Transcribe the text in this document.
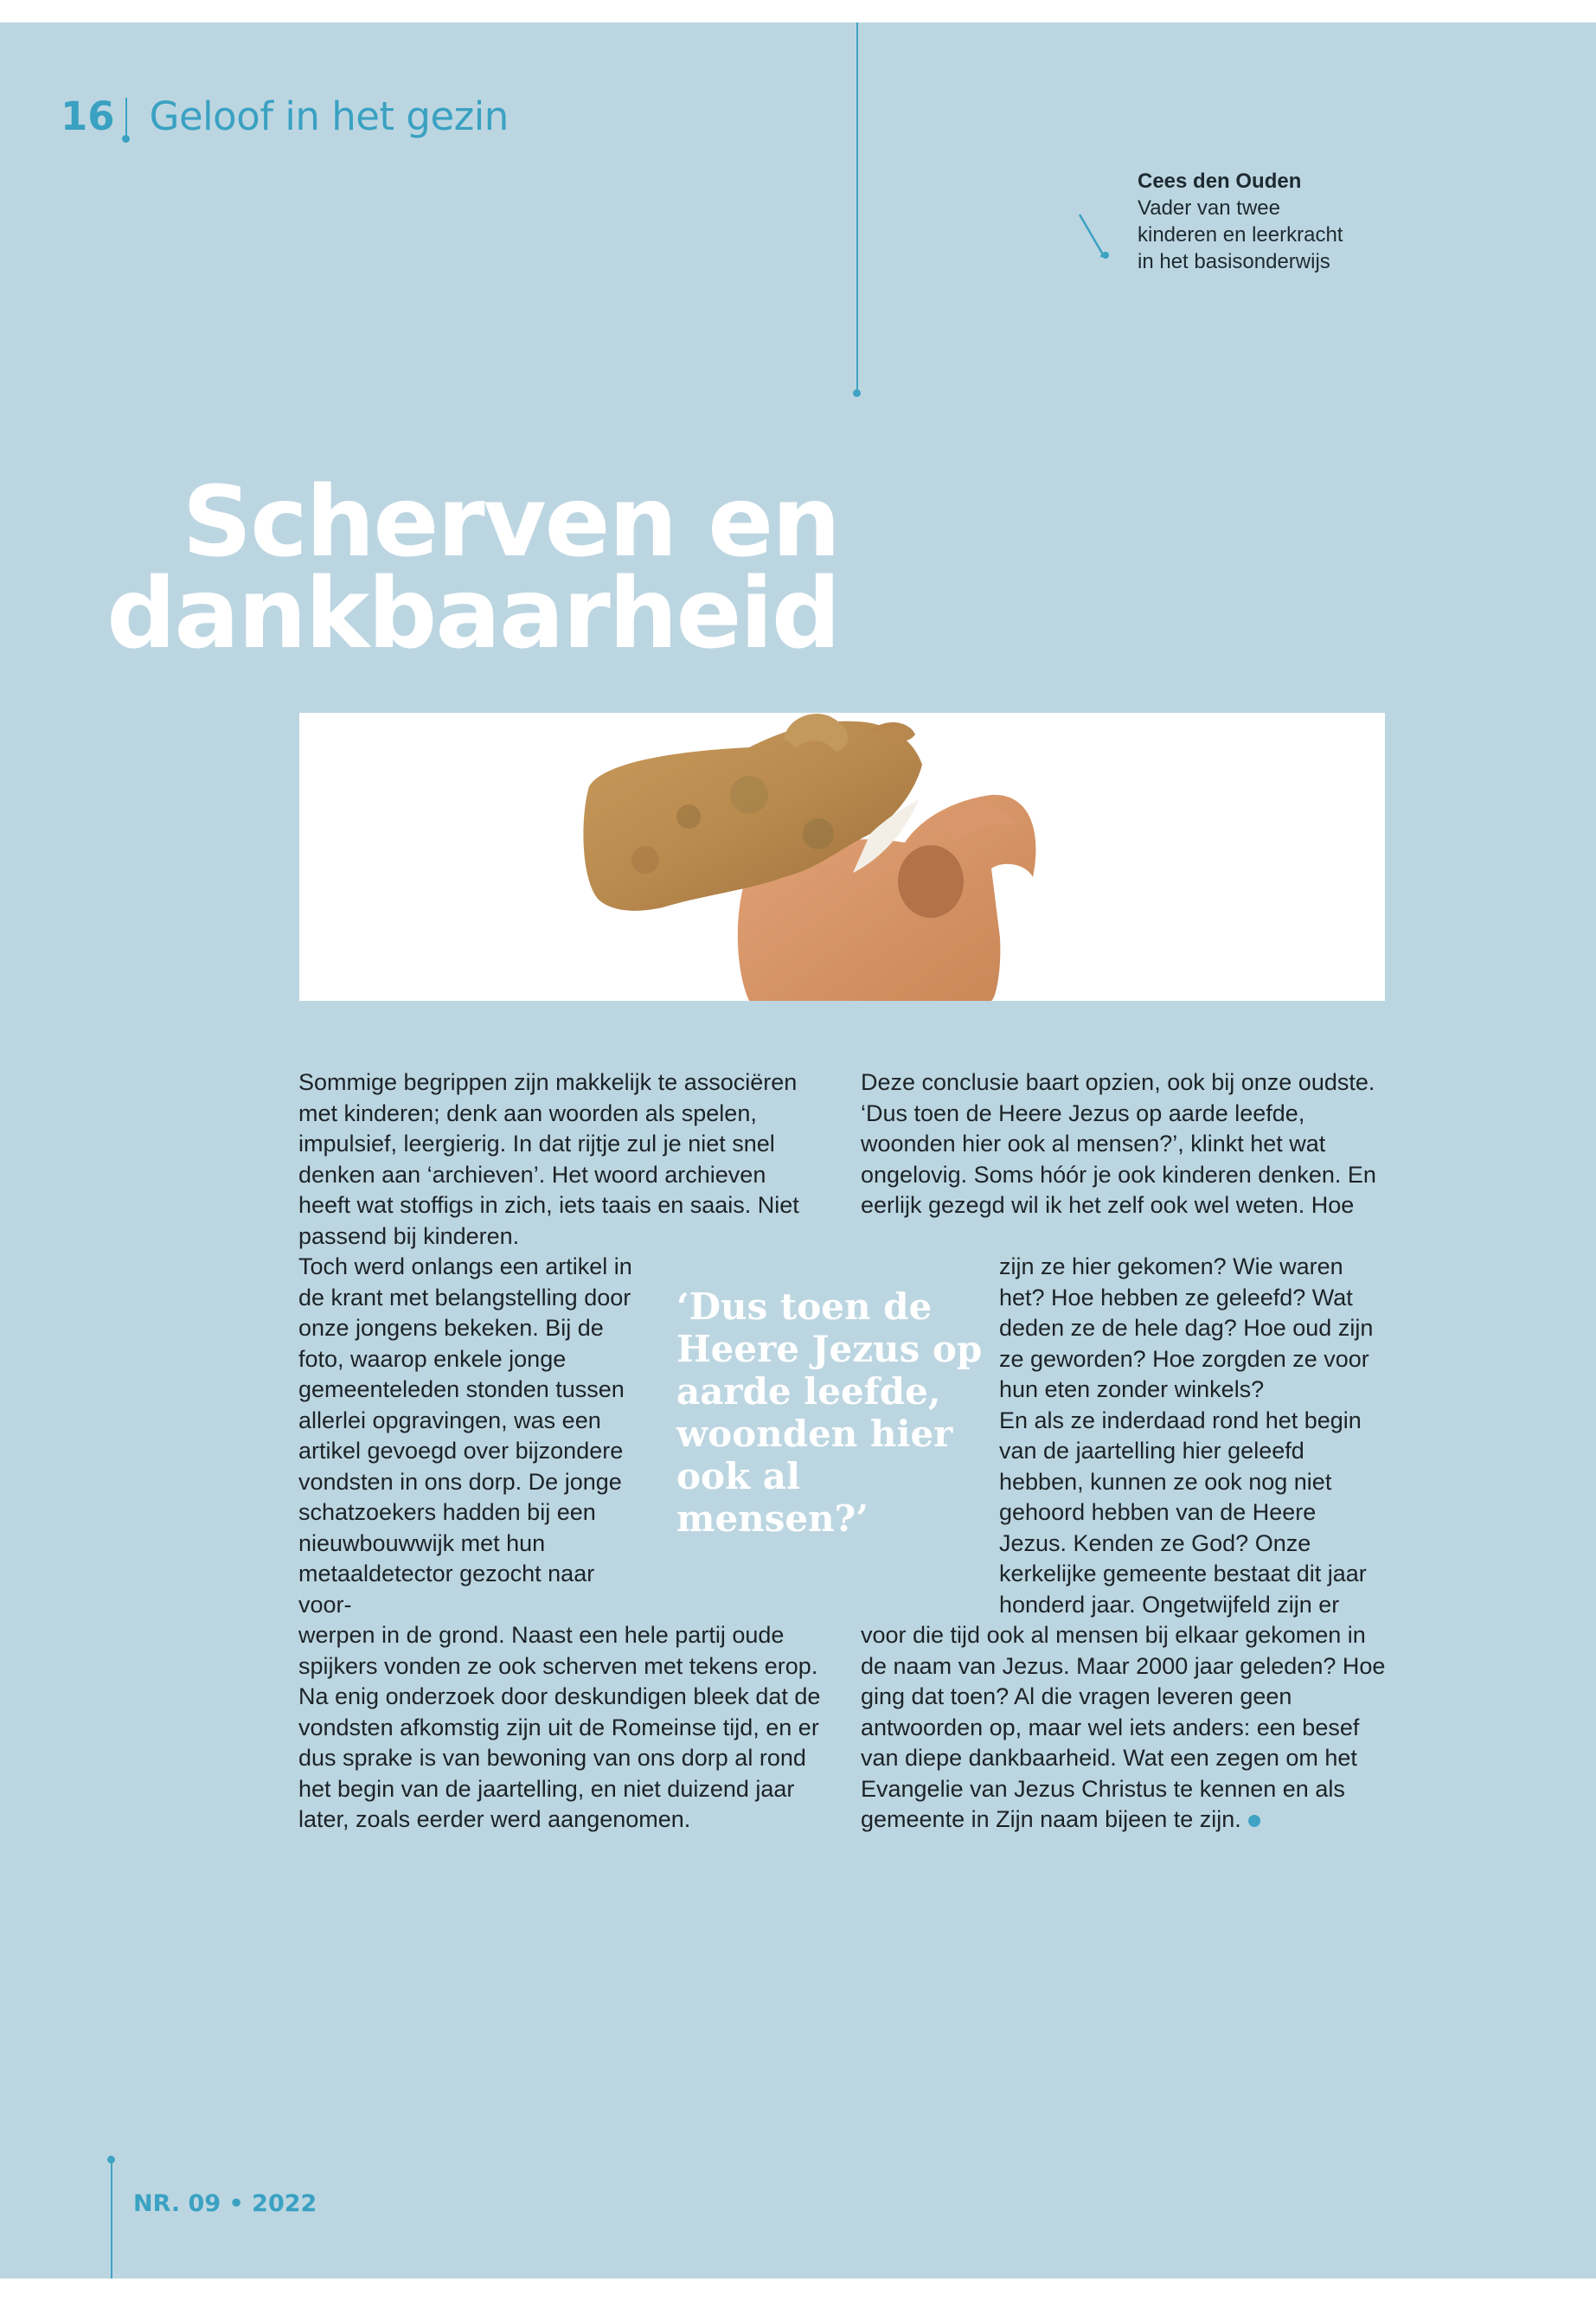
16 Geloof in het gezin
Cees den Ouden
Vader van twee
kinderen en leerkracht
in het basisonderwijs
Scherven en
dankbaarheid

Sommige begrippen zijn makkelijk te associëren met kinderen; denk aan woorden als spelen, impulsief, leergierig. In dat rijtje zul je niet snel denken aan ‘archieven’. Het woord archieven heeft wat stoffigs in zich, iets taais en saais. Niet passend bij kinderen.

Toch werd onlangs een artikel in de krant met belangstelling door onze jongens bekeken. Bij de foto, waarop enkele jonge gemeenteleden stonden tussen allerlei opgravingen, was een artikel gevoegd over bijzondere vondsten in ons dorp. De jonge schatzoekers hadden bij een nieuwbouwwijk met hun metaaldetector gezocht naar voor-

‘Dus toen de Heere Jezus op aarde leefde, woonden hier ook al mensen?’

werpen in de grond. Naast een hele partij oude spijkers vonden ze ook scherven met tekens erop. Na enig onderzoek door deskundigen bleek dat de vondsten afkomstig zijn uit de Romeinse tijd, en er dus sprake is van bewoning van ons dorp al rond het begin van de jaartelling, en niet duizend jaar later, zoals eerder werd aangenomen.

Deze conclusie baart opzien, ook bij onze oudste. ‘Dus toen de Heere Jezus op aarde leefde, woonden hier ook al mensen?’, klinkt het wat ongelovig. Soms hóór je ook kinderen denken. En eerlijk gezegd wil ik het zelf ook wel weten. Hoe

zijn ze hier gekomen? Wie waren het? Hoe hebben ze geleefd? Wat deden ze de hele dag? Hoe oud zijn ze geworden? Hoe zorgden ze voor hun eten zonder winkels?

En als ze inderdaad rond het begin van de jaartelling hier geleefd hebben, kunnen ze ook nog niet gehoord hebben van de Heere Jezus. Kenden ze God? Onze kerkelijke gemeente bestaat dit jaar honderd jaar. Ongetwijfeld zijn er

voor die tijd ook al mensen bij elkaar gekomen in de naam van Jezus. Maar 2000 jaar geleden? Hoe ging dat toen? Al die vragen leveren geen antwoorden op, maar wel iets anders: een besef van diepe dankbaarheid. Wat een zegen om het Evangelie van Jezus Christus te kennen en als gemeente in Zijn naam bijeen te zijn.

NR. 09 • 2022
